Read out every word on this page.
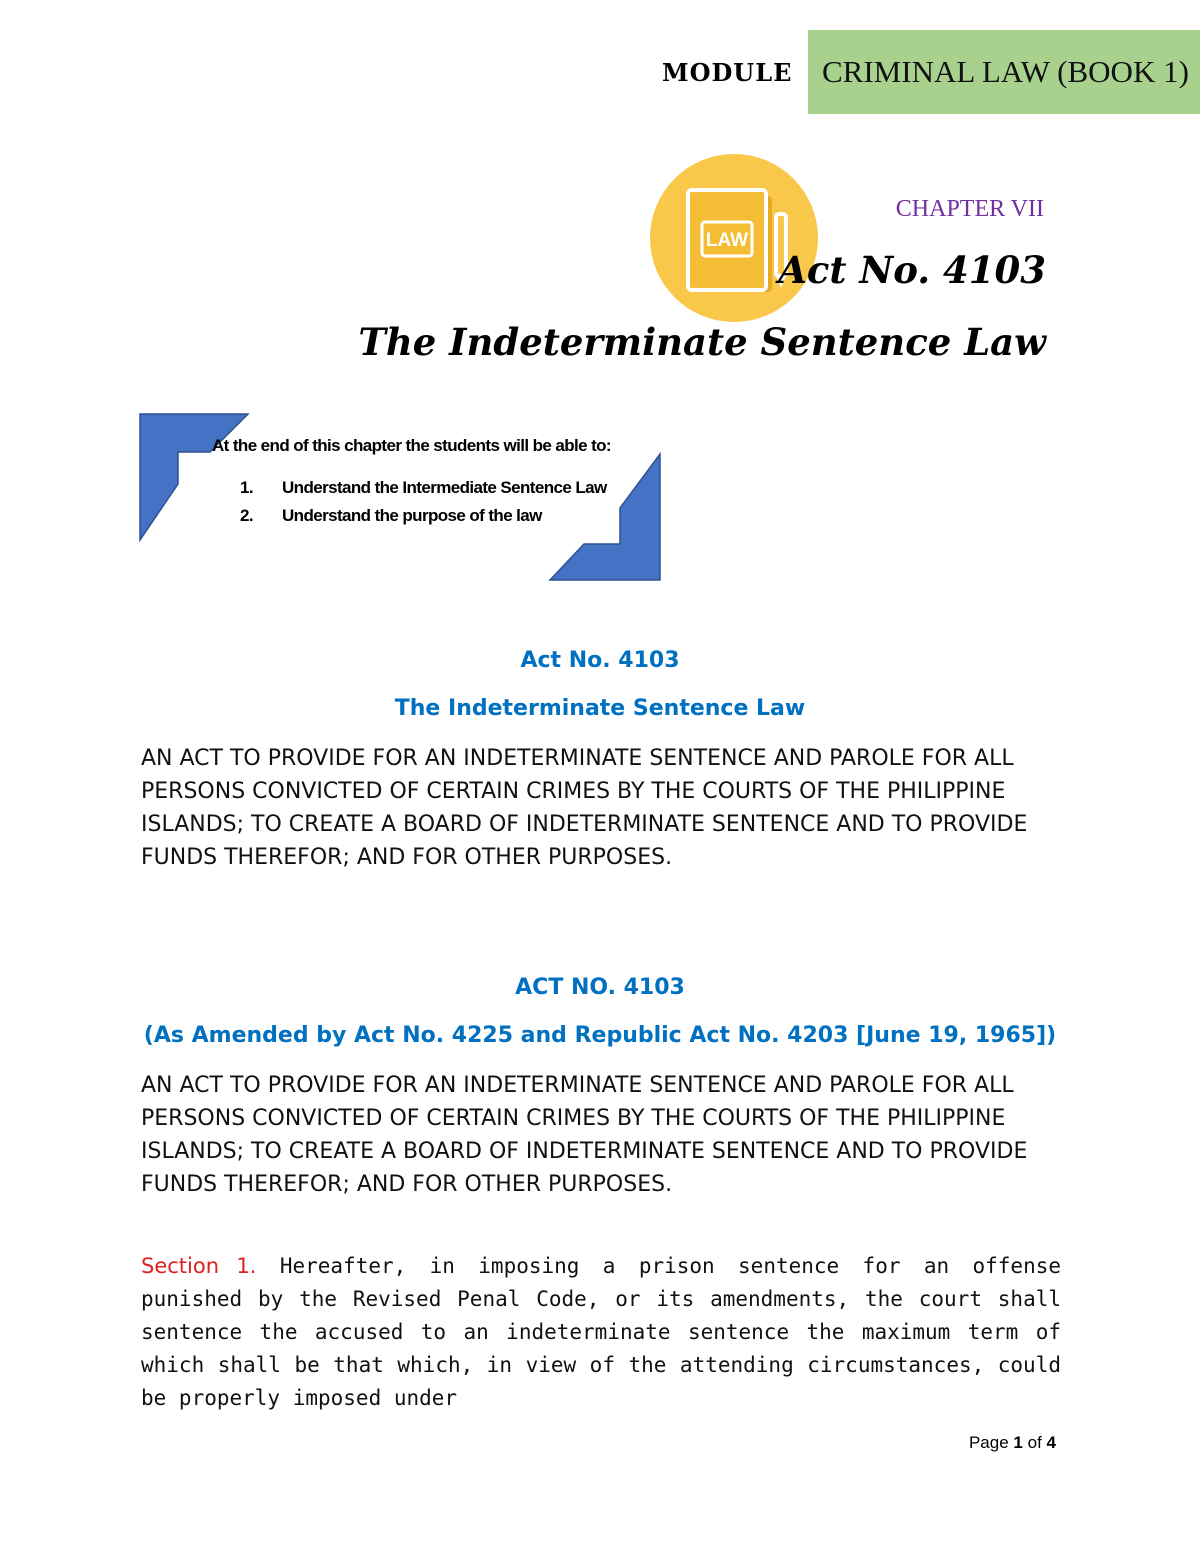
MODULE CRIMINAL LAW (BOOK 1)
LAW
CHAPTER VII
Act No. 4103
The Indeterminate Sentence Law
At the end of this chapter the students will be able to:
1. Understand the Intermediate Sentence Law
2. Understand the purpose of the law
Act No. 4103
The Indeterminate Sentence Law
AN ACT TO PROVIDE FOR AN INDETERMINATE SENTENCE AND PAROLE FOR ALL PERSONS CONVICTED OF CERTAIN CRIMES BY THE COURTS OF THE PHILIPPINE ISLANDS; TO CREATE A BOARD OF INDETERMINATE SENTENCE AND TO PROVIDE FUNDS THEREFOR; AND FOR OTHER PURPOSES.
ACT NO. 4103
(As Amended by Act No. 4225 and Republic Act No. 4203 [June 19, 1965])
AN ACT TO PROVIDE FOR AN INDETERMINATE SENTENCE AND PAROLE FOR ALL PERSONS CONVICTED OF CERTAIN CRIMES BY THE COURTS OF THE PHILIPPINE ISLANDS; TO CREATE A BOARD OF INDETERMINATE SENTENCE AND TO PROVIDE FUNDS THEREFOR; AND FOR OTHER PURPOSES.
Section 1. Hereafter, in imposing a prison sentence for an offense punished by the Revised Penal Code, or its amendments, the court shall sentence the accused to an indeterminate sentence the maximum term of which shall be that which, in view of the attending circumstances, could be properly imposed under
Page 1 of 4
